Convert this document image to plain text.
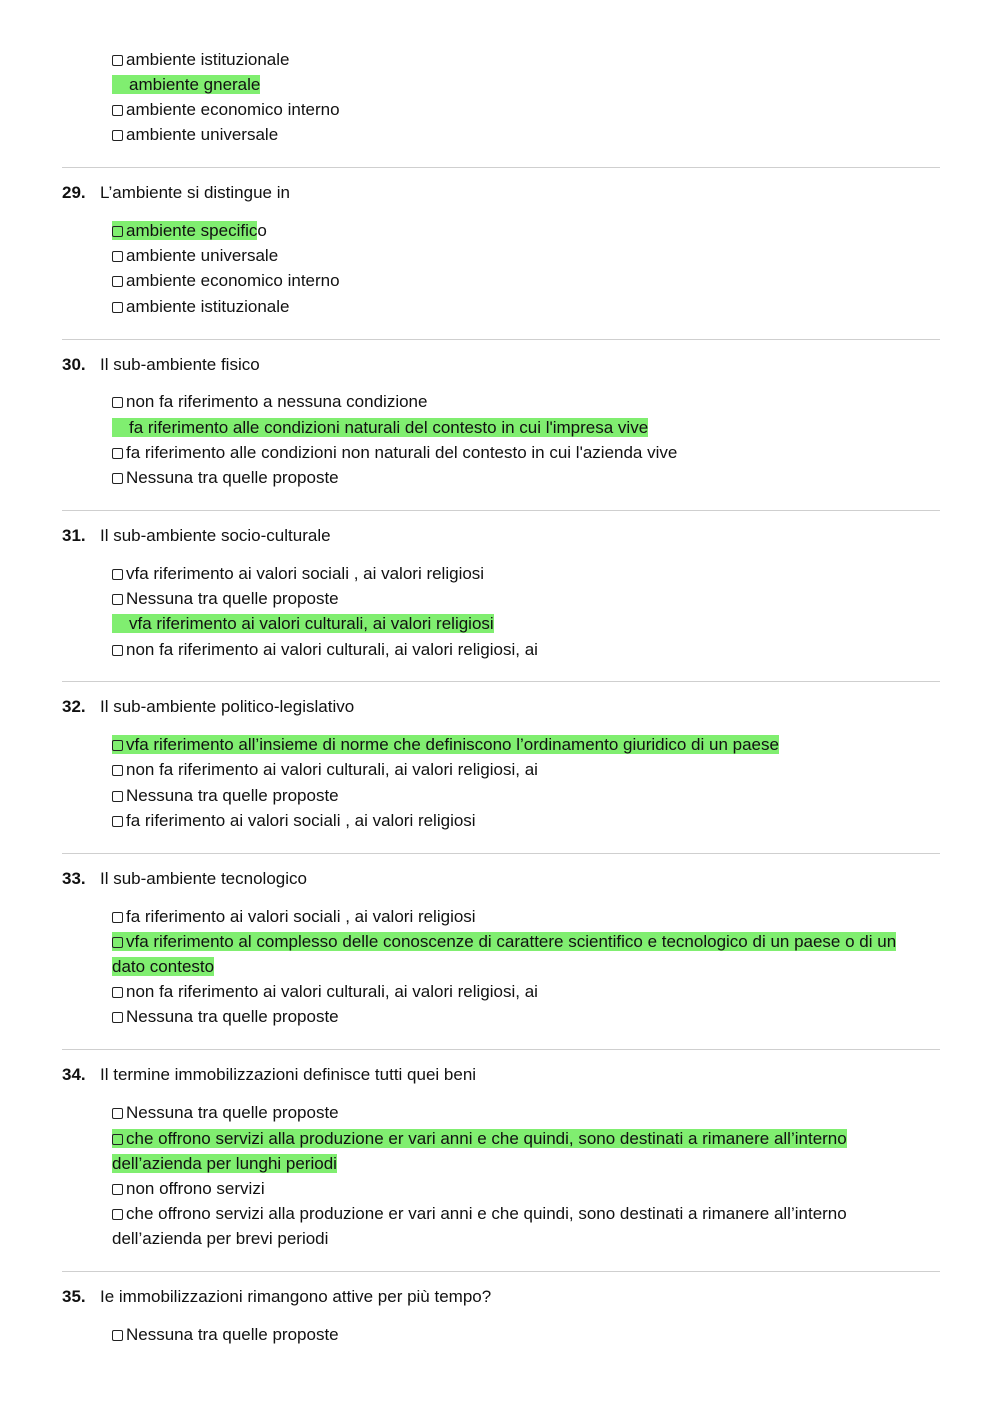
ambiente istituzionale
ambiente gnerale
ambiente economico interno
ambiente universale
29. L’ambiente si distingue in
ambiente specifico
ambiente universale
ambiente economico interno
ambiente istituzionale
30. Il sub-ambiente fisico
non fa riferimento a nessuna condizione
fa riferimento alle condizioni naturali del contesto in cui l'impresa vive
fa riferimento alle condizioni non naturali del contesto in cui l'azienda vive
Nessuna tra quelle proposte
31. Il sub-ambiente socio-culturale
vfa riferimento ai valori sociali , ai valori religiosi
Nessuna tra quelle proposte
vfa riferimento ai valori culturali, ai valori religiosi
non fa riferimento ai valori culturali, ai valori religiosi, ai
32. Il sub-ambiente politico-legislativo
vfa riferimento all’insieme di norme che definiscono l’ordinamento giuridico di un paese
non fa riferimento ai valori culturali, ai valori religiosi, ai
Nessuna tra quelle proposte
fa riferimento ai valori sociali , ai valori religiosi
33. Il sub-ambiente tecnologico
fa riferimento ai valori sociali , ai valori religiosi
vfa riferimento al complesso delle conoscenze di carattere scientifico e tecnologico di un paese o di un
dato contesto
non fa riferimento ai valori culturali, ai valori religiosi, ai
Nessuna tra quelle proposte
34. Il termine immobilizzazioni definisce tutti quei beni
Nessuna tra quelle proposte
che offrono servizi alla produzione er vari anni e che quindi, sono destinati a rimanere all’interno
dell’azienda per lunghi periodi
non offrono servizi
che offrono servizi alla produzione er vari anni e che quindi, sono destinati a rimanere all’interno
dell’azienda per brevi periodi
35. Ie immobilizzazioni rimangono attive per più tempo?
Nessuna tra quelle proposte
